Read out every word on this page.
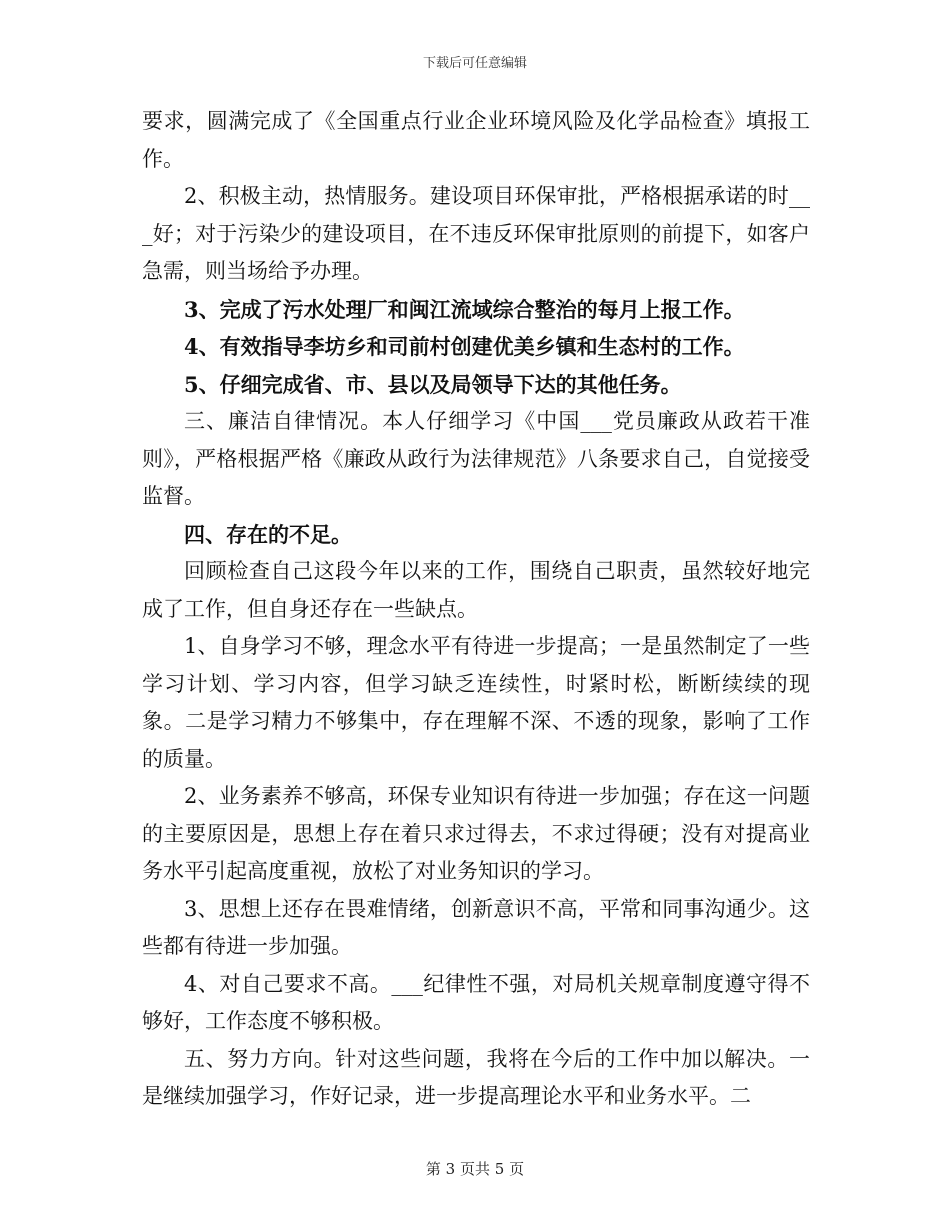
下载后可任意编辑

要求，圆满完成了《全国重点行业企业环境风险及化学品检查》填报工作。

2、积极主动，热情服务。建设项目环保审批，严格根据承诺的时___好；对于污染少的建设项目，在不违反环保审批原则的前提下，如客户急需，则当场给予办理。

3、完成了污水处理厂和闽江流域综合整治的每月上报工作。

4、有效指导李坊乡和司前村创建优美乡镇和生态村的工作。

5、仔细完成省、市、县以及局领导下达的其他任务。

三、廉洁自律情况。本人仔细学习《中国___党员廉政从政若干准则》，严格根据严格《廉政从政行为法律规范》八条要求自己，自觉接受监督。

四、存在的不足。

回顾检查自己这段今年以来的工作，围绕自己职责，虽然较好地完成了工作，但自身还存在一些缺点。

1、自身学习不够，理念水平有待进一步提高；一是虽然制定了一些学习计划、学习内容，但学习缺乏连续性，时紧时松，断断续续的现象。二是学习精力不够集中，存在理解不深、不透的现象，影响了工作的质量。

2、业务素养不够高，环保专业知识有待进一步加强；存在这一问题的主要原因是，思想上存在着只求过得去，不求过得硬；没有对提高业务水平引起高度重视，放松了对业务知识的学习。

3、思想上还存在畏难情绪，创新意识不高，平常和同事沟通少。这些都有待进一步加强。

4、对自己要求不高。___纪律性不强，对局机关规章制度遵守得不够好，工作态度不够积极。

五、努力方向。针对这些问题，我将在今后的工作中加以解决。一是继续加强学习，作好记录，进一步提高理论水平和业务水平。二

第 3 页共 5 页
